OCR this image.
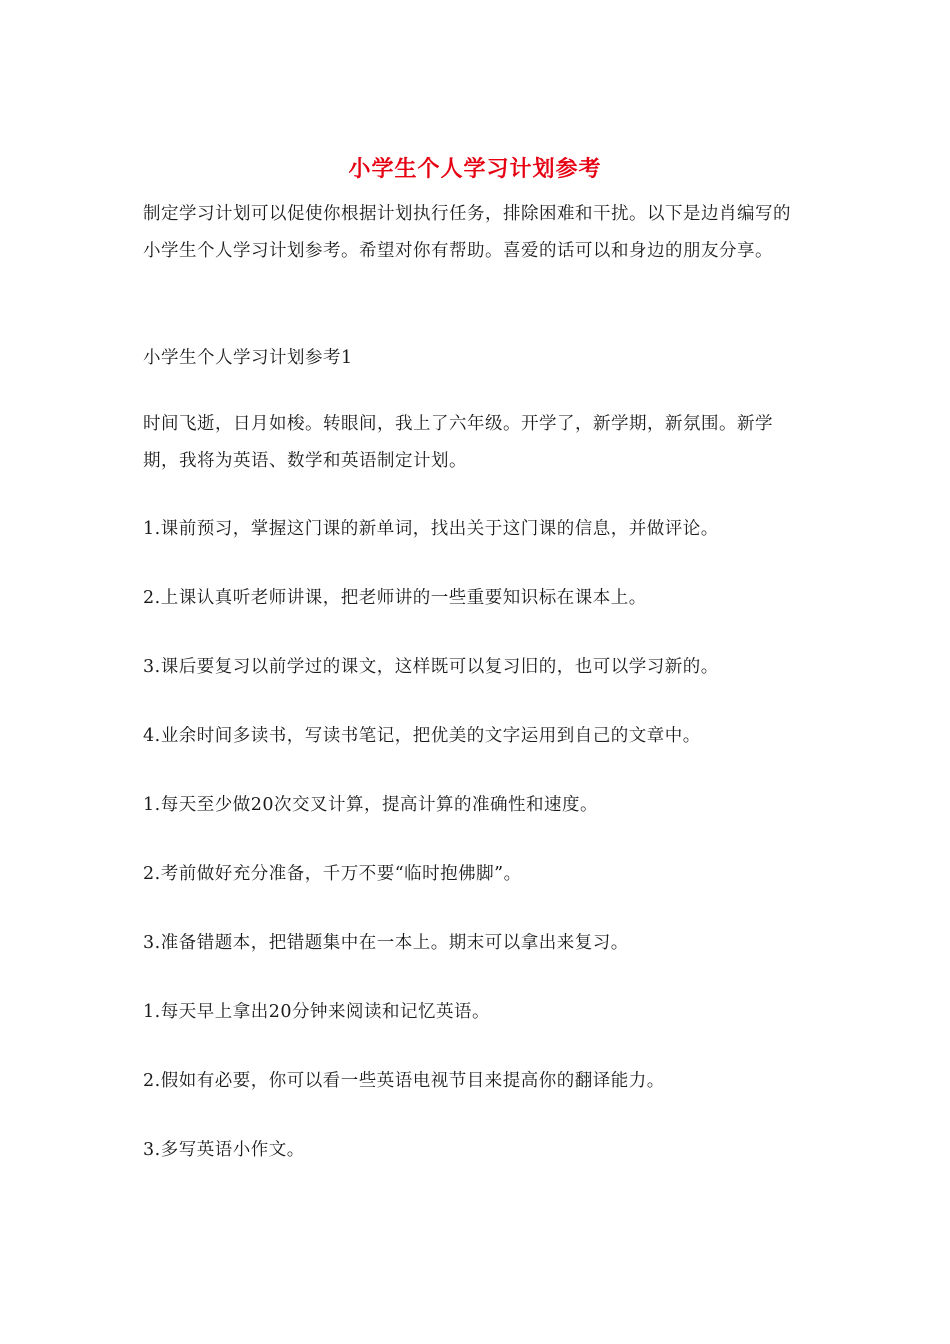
小学生个人学习计划参考
制定学习计划可以促使你根据计划执行任务，排除困难和干扰。以下是边肖编写的小学生个人学习计划参考。希望对你有帮助。喜爱的话可以和身边的朋友分享。
小学生个人学习计划参考1
时间飞逝，日月如梭。转眼间，我上了六年级。开学了，新学期，新氛围。新学期，我将为英语、数学和英语制定计划。
1.课前预习，掌握这门课的新单词，找出关于这门课的信息，并做评论。
2.上课认真听老师讲课，把老师讲的一些重要知识标在课本上。
3.课后要复习以前学过的课文，这样既可以复习旧的，也可以学习新的。
4.业余时间多读书，写读书笔记，把优美的文字运用到自己的文章中。
1.每天至少做20次交叉计算，提高计算的准确性和速度。
2.考前做好充分准备，千万不要“临时抱佛脚”。
3.准备错题本，把错题集中在一本上。期末可以拿出来复习。
1.每天早上拿出20分钟来阅读和记忆英语。
2.假如有必要，你可以看一些英语电视节目来提高你的翻译能力。
3.多写英语小作文。
